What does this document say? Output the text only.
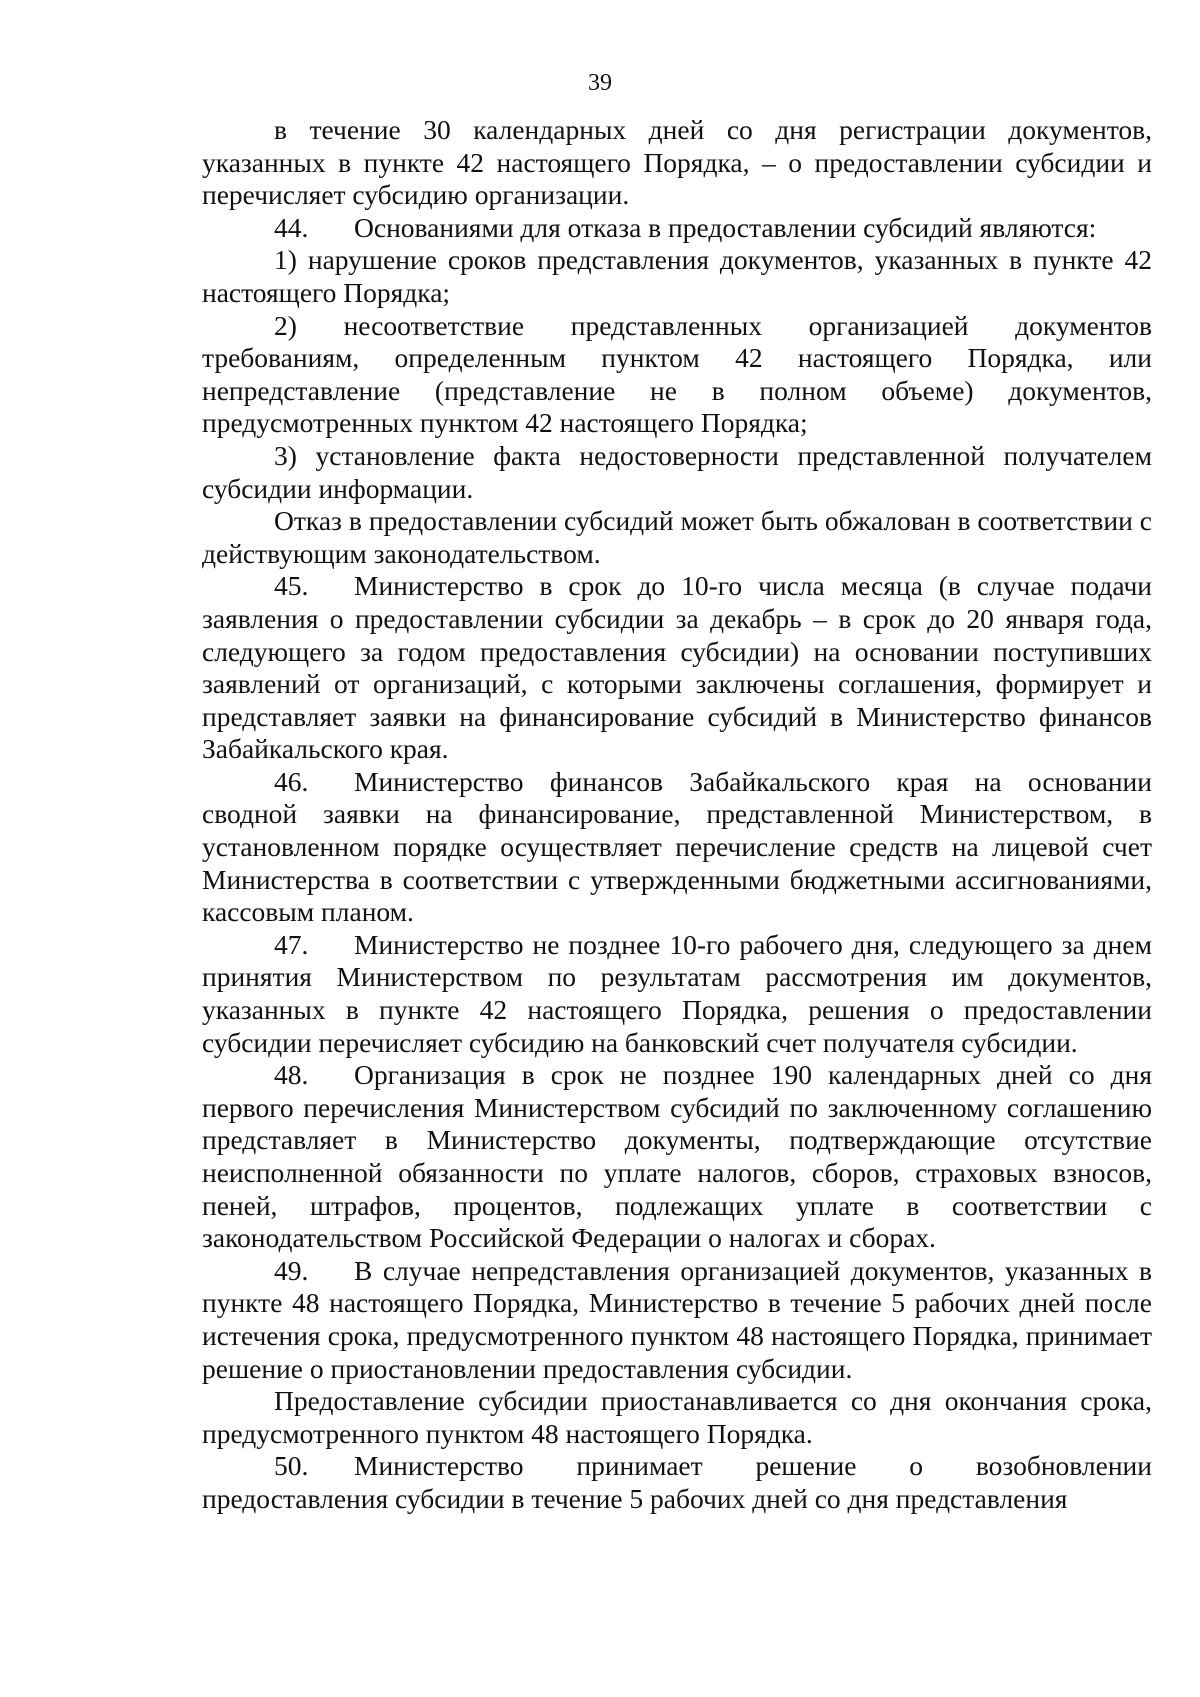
39

в течение 30 календарных дней со дня регистрации документов, указанных в пункте 42 настоящего Порядка, – о предоставлении субсидии и перечисляет субсидию организации.

44. Основаниями для отказа в предоставлении субсидий являются:

1) нарушение сроков представления документов, указанных в пункте 42 настоящего Порядка;

2) несоответствие представленных организацией документов требованиям, определенным пунктом 42 настоящего Порядка, или непредставление (представление не в полном объеме) документов, предусмотренных пунктом 42 настоящего Порядка;

3) установление факта недостоверности представленной получателем субсидии информации.

Отказ в предоставлении субсидий может быть обжалован в соответствии с действующим законодательством.

45. Министерство в срок до 10-го числа месяца (в случае подачи заявления о предоставлении субсидии за декабрь – в срок до 20 января года, следующего за годом предоставления субсидии) на основании поступивших заявлений от организаций, с которыми заключены соглашения, формирует и представляет заявки на финансирование субсидий в Министерство финансов Забайкальского края.

46. Министерство финансов Забайкальского края на основании сводной заявки на финансирование, представленной Министерством, в установленном порядке осуществляет перечисление средств на лицевой счет Министерства в соответствии с утвержденными бюджетными ассигнованиями, кассовым планом.

47. Министерство не позднее 10-го рабочего дня, следующего за днем принятия Министерством по результатам рассмотрения им документов, указанных в пункте 42 настоящего Порядка, решения о предоставлении субсидии перечисляет субсидию на банковский счет получателя субсидии.

48. Организация в срок не позднее 190 календарных дней со дня первого перечисления Министерством субсидий по заключенному соглашению представляет в Министерство документы, подтверждающие отсутствие неисполненной обязанности по уплате налогов, сборов, страховых взносов, пеней, штрафов, процентов, подлежащих уплате в соответствии с законодательством Российской Федерации о налогах и сборах.

49. В случае непредставления организацией документов, указанных в пункте 48 настоящего Порядка, Министерство в течение 5 рабочих дней после истечения срока, предусмотренного пунктом 48 настоящего Порядка, принимает решение о приостановлении предоставления субсидии.

Предоставление субсидии приостанавливается со дня окончания срока, предусмотренного пунктом 48 настоящего Порядка.

50. Министерство принимает решение о возобновлении предоставления субсидии в течение 5 рабочих дней со дня представления
